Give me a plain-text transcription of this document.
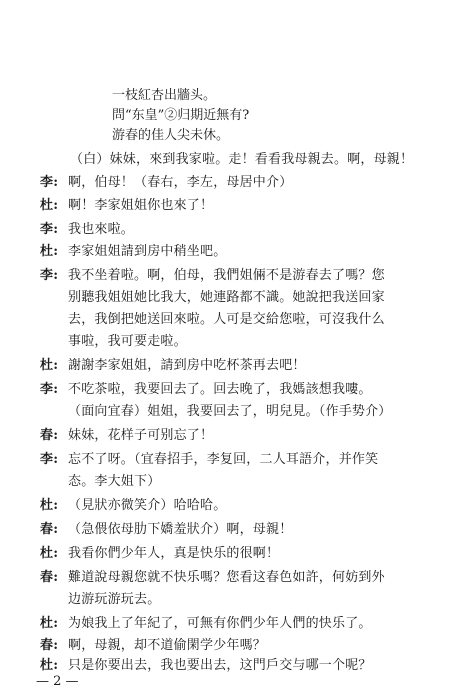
一枝紅杏出牆头。
問“东皇”②归期近無有?
游春的佳人尖未休。
（白）妹妹，來到我家啦。走！看看我母親去。啊，母親！
李: 啊，伯母！（春右，李左，母居中介）
杜: 啊！李家姐姐你也來了！
李: 我也來啦。
杜: 李家姐姐請到房中稍坐吧。
李: 我不坐着啦。啊，伯母，我們姐倆不是游春去了嗎？您
别聽我姐姐她比我大，她連路都不識。她說把我送回家
去，我倒把她送回來啦。人可是交給您啦，可沒我什么
事啦，我可要走啦。
杜: 謝謝李家姐姐，請到房中吃杯茶再去吧！
李: 不吃茶啦，我要回去了。回去晚了，我媽該想我嘍。
（面向宜春）姐姐，我要回去了，明兒見。（作手势介）
春: 妹妹，花样子可别忘了！
李: 忘不了呀。（宜春招手，李复回，二人耳語介，并作笑
态。李大姐下）
杜: （見狀亦微笑介）哈哈哈。
春: （急偎依母肋下嬌羞狀介）啊，母親！
杜: 我看你們少年人，真是快乐的很啊！
春: 難道說母親您就不快乐嗎？您看这春色如許，何妨到外
边游玩游玩去。
杜: 为娘我上了年紀了，可無有你們少年人們的快乐了。
春: 啊，母親，却不道偷閑学少年嗎？
杜: 只是你要出去，我也要出去，这門戶交与哪一个呢？
— 2 —
